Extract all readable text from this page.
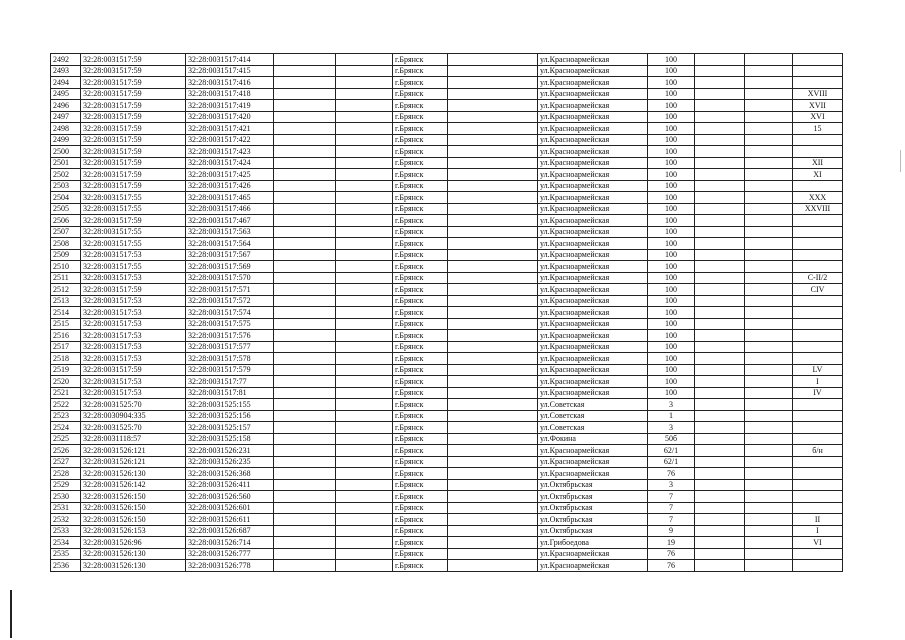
2492	32:28:0031517:59	32:28:0031517:414			г.Брянск		ул.Красноармейская	100			
2493	32:28:0031517:59	32:28:0031517:415			г.Брянск		ул.Красноармейская	100			
2494	32:28:0031517:59	32:28:0031517:416			г.Брянск		ул.Красноармейская	100			
2495	32:28:0031517:59	32:28:0031517:418			г.Брянск		ул.Красноармейская	100			XVIII
2496	32:28:0031517:59	32:28:0031517:419			г.Брянск		ул.Красноармейская	100			XVII
2497	32:28:0031517:59	32:28:0031517:420			г.Брянск		ул.Красноармейская	100			XVI
2498	32:28:0031517:59	32:28:0031517:421			г.Брянск		ул.Красноармейская	100			15
2499	32:28:0031517:59	32:28:0031517:422			г.Брянск		ул.Красноармейская	100			
2500	32:28:0031517:59	32:28:0031517:423			г.Брянск		ул.Красноармейская	100			
2501	32:28:0031517:59	32:28:0031517:424			г.Брянск		ул.Красноармейская	100			XII
2502	32:28:0031517:59	32:28:0031517:425			г.Брянск		ул.Красноармейская	100			XI
2503	32:28:0031517:59	32:28:0031517:426			г.Брянск		ул.Красноармейская	100			
2504	32:28:0031517:55	32:28:0031517:465			г.Брянск		ул.Красноармейская	100			XXX
2505	32:28:0031517:55	32:28:0031517:466			г.Брянск		ул.Красноармейская	100			XXVIII
2506	32:28:0031517:59	32:28:0031517:467			г.Брянск		ул.Красноармейская	100			
2507	32:28:0031517:55	32:28:0031517:563			г.Брянск		ул.Красноармейская	100			
2508	32:28:0031517:55	32:28:0031517:564			г.Брянск		ул.Красноармейская	100			
2509	32:28:0031517:53	32:28:0031517:567			г.Брянск		ул.Красноармейская	100			
2510	32:28:0031517:55	32:28:0031517:569			г.Брянск		ул.Красноармейская	100			
2511	32:28:0031517:53	32:28:0031517:570			г.Брянск		ул.Красноармейская	100			С-II/2
2512	32:28:0031517:59	32:28:0031517:571			г.Брянск		ул.Красноармейская	100			CIV
2513	32:28:0031517:53	32:28:0031517:572			г.Брянск		ул.Красноармейская	100			
2514	32:28:0031517:53	32:28:0031517:574			г.Брянск		ул.Красноармейская	100			
2515	32:28:0031517:53	32:28:0031517:575			г.Брянск		ул.Красноармейская	100			
2516	32:28:0031517:53	32:28:0031517:576			г.Брянск		ул.Красноармейская	100			
2517	32:28:0031517:53	32:28:0031517:577			г.Брянск		ул.Красноармейская	100			
2518	32:28:0031517:53	32:28:0031517:578			г.Брянск		ул.Красноармейская	100			
2519	32:28:0031517:59	32:28:0031517:579			г.Брянск		ул.Красноармейская	100			LV
2520	32:28:0031517:53	32:28:0031517:77			г.Брянск		ул.Красноармейская	100			I
2521	32:28:0031517:53	32:28:0031517:81			г.Брянск		ул.Красноармейская	100			IV
2522	32:28:0031525:70	32:28:0031525:155			г.Брянск		ул.Советская	3			
2523	32:28:0030904:335	32:28:0031525:156			г.Брянск		ул.Советская	1			
2524	32:28:0031525:70	32:28:0031525:157			г.Брянск		ул.Советская	3			
2525	32:28:0031118:57	32:28:0031525:158			г.Брянск		ул.Фокина	50б			
2526	32:28:0031526:121	32:28:0031526:231			г.Брянск		ул.Красноармейская	62/1			б/н
2527	32:28:0031526:121	32:28:0031526:235			г.Брянск		ул.Красноармейская	62/1			
2528	32:28:0031526:130	32:28:0031526:368			г.Брянск		ул.Красноармейская	76			
2529	32:28:0031526:142	32:28:0031526:411			г.Брянск		ул.Октябрьская	3			
2530	32:28:0031526:150	32:28:0031526:560			г.Брянск		ул.Октябрьская	7			
2531	32:28:0031526:150	32:28:0031526:601			г.Брянск		ул.Октябрьская	7			
2532	32:28:0031526:150	32:28:0031526:611			г.Брянск		ул.Октябрьская	7			II
2533	32:28:0031526:153	32:28:0031526:687			г.Брянск		ул.Октябрьская	9			I
2534	32:28:0031526:96	32:28:0031526:714			г.Брянск		ул.Грибоедова	19			VI
2535	32:28:0031526:130	32:28:0031526:777			г.Брянск		ул.Красноармейская	76			
2536	32:28:0031526:130	32:28:0031526:778			г.Брянск		ул.Красноармейская	76			
